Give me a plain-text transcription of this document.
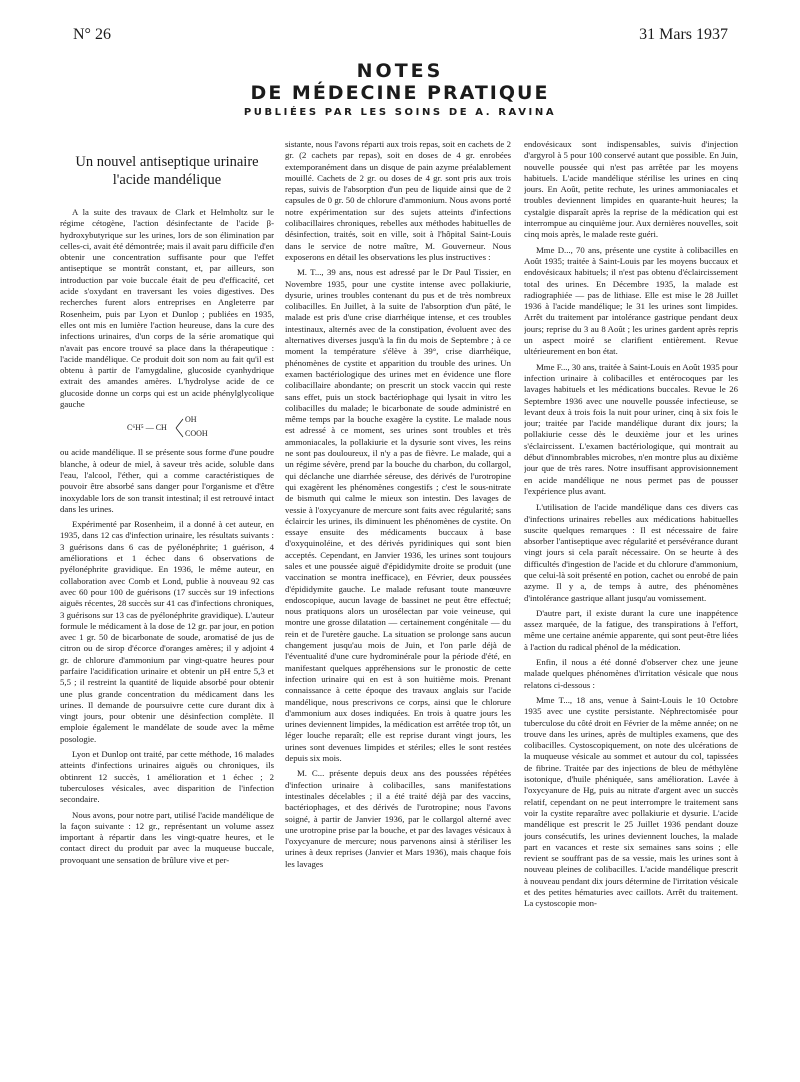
N° 26	31 Mars 1937
NOTES
DE MÉDECINE PRATIQUE
PUBLIÉES PAR LES SOINS DE A. RAVINA
Un nouvel antiseptique urinaire
l'acide mandélique

A la suite des travaux de Clark et Helmholtz sur le régime cétogène, l'action désinfectante de l'acide β-hydroxybutyrique sur les urines, lors de son élimination par celles-ci, avait été démontrée; mais il avait paru difficile d'en obtenir une concentration suffisante pour que l'effet antiseptique se montrât constant, et, par ailleurs, son introduction par voie buccale était de peu d'efficacité, cet acide s'oxydant en traversant les voies digestives. Des recherches furent alors entreprises en Angleterre par Rosenheim, puis par Lyon et Dunlop ; publiées en 1935, elles ont mis en lumière l'action heureuse, dans la cure des infections urinaires, d'un corps de la série aromatique qui n'avait pas encore trouvé sa place dans la thérapeutique : l'acide mandélique. Ce produit doit son nom au fait qu'il est obtenu à partir de l'amygdaline, glucoside cyanhydrique extrait des amandes amères. L'hydrolyse acide de ce glucoside donne un corps qui est un acide phénylglycolique gauche

C⁶H⁵ — CH
OH
COOH

ou acide mandélique. Il se présente sous forme d'une poudre blanche, à odeur de miel, à saveur très acide, soluble dans l'eau, l'alcool, l'éther, qui a comme caractéristiques de pouvoir être absorbé sans danger pour l'organisme et d'être inoxydable lors de son transit intestinal; il est retrouvé intact dans les urines.

Expérimenté par Rosenheim, il a donné à cet auteur, en 1935, dans 12 cas d'infection urinaire, les résultats suivants : 3 guérisons dans 6 cas de pyélonéphrite; 1 guérison, 4 améliorations et 1 échec dans 6 observations de pyélonéphrite gravidique. En 1936, le même auteur, en collaboration avec Comb et Lond, publie à nouveau 92 cas avec 60 pour 100 de guérisons (17 succès sur 19 infections aiguës récentes, 28 succès sur 41 cas d'infections chroniques, 3 guérisons sur 13 cas de pyélonéphrite gravidique). L'auteur formule le médicament à la dose de 12 gr. par jour, en potion avec 1 gr. 50 de bicarbonate de soude, aromatisé de jus de citron ou de sirop d'écorce d'oranges amères; il y adjoint 4 gr. de chlorure d'ammonium par vingt-quatre heures pour parfaire l'acidification urinaire et obtenir un pH entre 5,3 et 5,5 ; il restreint la quantité de liquide absorbé pour obtenir une plus grande concentration du médicament dans les urines. Il demande de poursuivre cette cure durant dix à vingt jours, pour obtenir une désinfection complète. Il emploie également le mandélate de soude avec la même posologie.

Lyon et Dunlop ont traité, par cette méthode, 16 malades atteints d'infections urinaires aiguës ou chroniques, ils obtinrent 12 succès, 1 amélioration et 1 échec ; 2 tuberculoses vésicales, avec disparition de l'infection secondaire.

Nous avons, pour notre part, utilisé l'acide mandélique de la façon suivante : 12 gr., représentant un volume assez important à répartir dans les vingt-quatre heures, et le contact direct du produit par avec la muqueuse buccale, provoquant une sensation de brûlure vive et per-

sistante, nous l'avons réparti aux trois repas, soit en cachets de 2 gr. (2 cachets par repas), soit en doses de 4 gr. enrobées extemporanément dans un disque de pain azyme préalablement mouillé. Cachets de 2 gr. ou doses de 4 gr. sont pris aux trois repas, suivis de l'absorption d'un peu de liquide ainsi que de 2 capsules de 0 gr. 50 de chlorure d'ammonium. Nous avons porté notre expérimentation sur des sujets atteints d'infections colibacillaires chroniques, rebelles aux méthodes habituelles de désinfection, traités, soit en ville, soit à l'hôpital Saint-Louis dans le service de notre maître, M. Gouverneur. Nous exposerons en détail les observations les plus instructives :

M. T..., 39 ans, nous est adressé par le Dr Paul Tissier, en Novembre 1935, pour une cystite intense avec pollakiurie, dysurie, urines troubles contenant du pus et de très nombreux colibacilles. En Juillet, à la suite de l'absorption d'un pâté, le malade est pris d'une crise diarrhéique intense, et ces troubles intestinaux, alternés avec de la constipation, évoluent avec des alternatives diverses jusqu'à la fin du mois de Septembre ; à ce moment la température s'élève à 39°, crise diarrhéique, phénomènes de cystite et apparition du trouble des urines. Un examen bactériologique des urines met en évidence une flore colibacillaire abondante; on prescrit un stock vaccin qui reste sans effet, puis un stock bactériophage qui lysait in vitro les colibacilles du malade; le bicarbonate de soude administré en même temps par la bouche exagère la cystite. Le malade nous est adressé à ce moment, ses urines sont troubles et très ammoniacales, la pollakiurie et la dysurie sont vives, les reins ne sont pas douloureux, il n'y a pas de fièvre. Le malade, qui a un régime sévère, prend par la bouche du charbon, du collargol, qui déclanche une diarrhée séreuse, des dérivés de l'urotropine qui exagèrent les phénomènes congestifs ; c'est le sous-nitrate de bismuth qui calme le mieux son intestin. Des lavages de vessie à l'oxycyanure de mercure sont faits avec régularité; sans éclaircir les urines, ils diminuent les phénomènes de cystite. On essaye ensuite des médicaments buccaux à base d'oxyquinoléine, et des dérivés pyridiniques qui sont bien acceptés. Cependant, en Janvier 1936, les urines sont toujours sales et une poussée aiguë d'épididymite droite se produit (une vaccination se montra inefficace), en Février, deux poussées d'épididymite gauche. Le malade refusant toute manœuvre endoscopique, aucun lavage de bassinet ne peut être effectué; nous pratiquons alors un urosélectan par voie veineuse, qui montre une grosse dilatation — certainement congénitale — du rein et de l'uretère gauche. La situation se prolonge sans aucun changement jusqu'au mois de Juin, et l'on parle déjà de l'éventualité d'une cure hydrominérale pour la période d'été, en manifestant quelques appréhensions sur le pronostic de cette infection urinaire qui en est à son huitième mois. Prenant connaissance à cette époque des travaux anglais sur l'acide mandélique, nous prescrivons ce corps, ainsi que le chlorure d'ammonium aux doses indiquées. En trois à quatre jours les urines deviennent limpides, la médication est arrêtée trop tôt, un léger louche reparaît; elle est reprise durant vingt jours, les urines sont devenues limpides et stériles; elles le sont restées depuis six mois.

M. C... présente depuis deux ans des poussées répétées d'infection urinaire à colibacilles, sans manifestations intestinales décelables ; il a été traité déjà par des vaccins, bactériophages, et des dérivés de l'urotropine; nous l'avons soigné, à partir de Janvier 1936, par le collargol alterné avec une urotropine prise par la bouche, et par des lavages vésicaux à l'oxycyanure de mercure; nous parvenons ainsi à stériliser les urines à deux reprises (Janvier et Mars 1936), mais chaque fois les lavages

endovésicaux sont indispensables, suivis d'injection d'argyrol à 5 pour 100 conservé autant que possible. En Juin, nouvelle poussée qui n'est pas arrêtée par les moyens habituels. L'acide mandélique stérilise les urines en cinq jours. En Août, petite rechute, les urines ammoniacales et troubles deviennent limpides en quarante-huit heures; la cystalgie disparaît après la reprise de la médication qui est interrompue au cinquième jour. Aux dernières nouvelles, soit cinq mois après, le malade reste guéri.

Mme D..., 70 ans, présente une cystite à colibacilles en Août 1935; traitée à Saint-Louis par les moyens buccaux et endovésicaux habituels; il n'est pas obtenu d'éclaircissement total des urines. En Décembre 1935, la malade est radiographiée — pas de lithiase. Elle est mise le 28 Juillet 1936 à l'acide mandélique; le 31 les urines sont limpides. Arrêt du traitement par intolérance gastrique pendant deux jours; reprise du 3 au 8 Août ; les urines gardent après repris un aspect moiré se clarifient entièrement. Revue ultérieurement en bon état.

Mme F..., 30 ans, traitée à Saint-Louis en Août 1935 pour infection urinaire à colibacilles et entérocoques par les lavages habituels et les médications buccales. Revue le 26 Septembre 1936 avec une nouvelle poussée infectieuse, se levant deux à trois fois la nuit pour uriner, cinq à six fois le jour; traitée par l'acide mandélique durant dix jours; la pollakiurie cesse dès le deuxième jour et les urines s'éclaircissent. L'examen bactériologique, qui montrait au début d'innombrables microbes, n'en montre plus au dixième jour que de très rares. Notre insuffisant approvisionnement en acide mandélique ne nous permet pas de pousser l'expérience plus avant.

L'utilisation de l'acide mandélique dans ces divers cas d'infections urinaires rebelles aux médications habituelles suscite quelques remarques : Il est nécessaire de faire absorber l'antiseptique avec régularité et persévérance durant vingt jours si cela paraît nécessaire. On se heurte à des difficultés d'ingestion de l'acide et du chlorure d'ammonium, que celui-là soit présenté en potion, cachet ou enrobé de pain azyme. Il y a, de temps à autre, des phénomènes d'intolérance gastrique allant jusqu'au vomissement.

D'autre part, il existe durant la cure une inappétence assez marquée, de la fatigue, des transpirations à l'effort, même une certaine anémie apparente, qui sont peut-être liées à l'action du radical phénol de la médication.

Enfin, il nous a été donné d'observer chez une jeune malade quelques phénomènes d'irritation vésicale que nous relatons ci-dessous :

Mme T..., 18 ans, venue à Saint-Louis le 10 Octobre 1935 avec une cystite persistante. Néphrectomisée pour tuberculose du côté droit en Février de la même année; on ne trouve dans les urines, après de multiples examens, que des colibacilles. Cystoscopiquement, on note des ulcérations de la muqueuse vésicale au sommet et autour du col, tapissées de fibrine. Traitée par des injections de bleu de méthylène isotonique, d'huile phéniquée, sans amélioration. Lavée à l'oxycyanure de Hg, puis au nitrate d'argent avec un succès relatif, cependant on ne peut interrompre le traitement sans voir la cystite reparaître avec pollakiurie et dysurie. L'acide mandélique est prescrit le 25 Juillet 1936 pendant douze jours consécutifs, les urines deviennent louches, la malade part en vacances et reste six semaines sans soins ; elle revient se souffrant pas de sa vessie, mais les urines sont à nouveau pleines de colibacilles. L'acide mandélique prescrit à nouveau pendant dix jours détermine de l'irritation vésicale et des petites hématuries avec caillots. Arrêt du traitement. La cystoscopie mon-
